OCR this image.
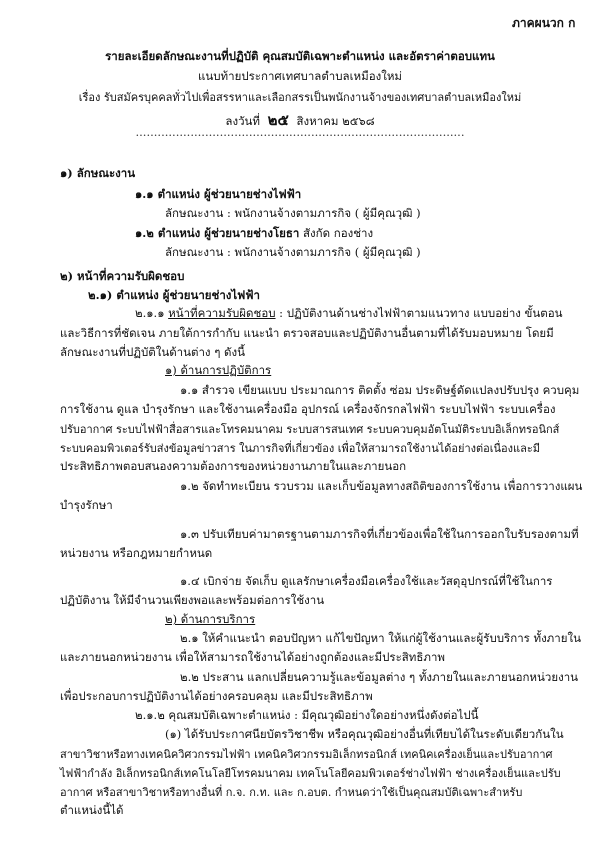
ภาคผนวก ก
รายละเอียดลักษณะงานที่ปฏิบัติ คุณสมบัติเฉพาะตำแหน่ง และอัตราค่าตอบแทน
แนบท้ายประกาศเทศบาลตำบลเหมืองใหม่
เรื่อง รับสมัครบุคคลทั่วไปเพื่อสรรหาและเลือกสรรเป็นพนักงานจ้างของเทศบาลตำบลเหมืองใหม่
ลงวันที่ ๒๕ สิงหาคม ๒๕๖๘
..........................................................................................
๑) ลักษณะงาน
๑.๑ ตำแหน่ง ผู้ช่วยนายช่างไฟฟ้า
ลักษณะงาน : พนักงานจ้างตามภารกิจ ( ผู้มีคุณวุฒิ )
๑.๒ ตำแหน่ง ผู้ช่วยนายช่างโยธา สังกัด กองช่าง
ลักษณะงาน : พนักงานจ้างตามภารกิจ ( ผู้มีคุณวุฒิ )
๒) หน้าที่ความรับผิดชอบ
๒.๑) ตำแหน่ง ผู้ช่วยนายช่างไฟฟ้า
๒.๑.๑ หน้าที่ความรับผิดชอบ : ปฏิบัติงานด้านช่างไฟฟ้าตามแนวทาง แบบอย่าง ขั้นตอน
และวิธีการที่ชัดเจน ภายใต้การกำกับ แนะนำ ตรวจสอบและปฏิบัติงานอื่นตามที่ได้รับมอบหมาย โดยมี
ลักษณะงานที่ปฏิบัติในด้านต่าง ๆ ดังนี้
๑) ด้านการปฏิบัติการ
๑.๑ สำรวจ เขียนแบบ ประมาณการ ติดตั้ง ซ่อม ประดิษฐ์ดัดแปลงปรับปรุง ควบคุม
การใช้งาน ดูแล บำรุงรักษา และใช้งานเครื่องมือ อุปกรณ์ เครื่องจักรกลไฟฟ้า ระบบไฟฟ้า ระบบเครื่อง
ปรับอากาศ ระบบไฟฟ้าสื่อสารและโทรคมนาคม ระบบสารสนเทศ ระบบควบคุมอัตโนมัติระบบอิเล็กทรอนิกส์
ระบบคอมพิวเตอร์รับส่งข้อมูลข่าวสาร ในภารกิจที่เกี่ยวข้อง เพื่อให้สามารถใช้งานได้อย่างต่อเนื่องและมี
ประสิทธิภาพตอบสนองความต้องการของหน่วยงานภายในและภายนอก
๑.๒ จัดทำทะเบียน รวบรวม และเก็บข้อมูลทางสถิติของการใช้งาน เพื่อการวางแผน
บำรุงรักษา
๑.๓ ปรับเทียบค่ามาตรฐานตามภารกิจที่เกี่ยวข้องเพื่อใช้ในการออกใบรับรองตามที่
หน่วยงาน หรือกฎหมายกำหนด
๑.๔ เบิกจ่าย จัดเก็บ ดูแลรักษาเครื่องมือเครื่องใช้และวัสดุอุปกรณ์ที่ใช้ในการ
ปฏิบัติงาน ให้มีจำนวนเพียงพอและพร้อมต่อการใช้งาน
๒) ด้านการบริการ
๒.๑ ให้คำแนะนำ ตอบปัญหา แก้ไขปัญหา ให้แก่ผู้ใช้งานและผู้รับบริการ ทั้งภายใน
และภายนอกหน่วยงาน เพื่อให้สามารถใช้งานได้อย่างถูกต้องและมีประสิทธิภาพ
๒.๒ ประสาน แลกเปลี่ยนความรู้และข้อมูลต่าง ๆ ทั้งภายในและภายนอกหน่วยงาน
เพื่อประกอบการปฏิบัติงานได้อย่างครอบคลุม และมีประสิทธิภาพ
๒.๑.๒ คุณสมบัติเฉพาะตำแหน่ง : มีคุณวุฒิอย่างใดอย่างหนึ่งดังต่อไปนี้
(๑) ได้รับประกาศนียบัตรวิชาชีพ หรือคุณวุฒิอย่างอื่นที่เทียบได้ในระดับเดียวกันใน
สาขาวิชาหรือทางเทคนิควิศวกรรมไฟฟ้า เทคนิควิศวกรรมอิเล็กทรอนิกส์ เทคนิคเครื่องเย็นและปรับอากาศ
ไฟฟ้ากำลัง อิเล็กทรอนิกส์เทคโนโลยีโทรคมนาคม เทคโนโลยีคอมพิวเตอร์ช่างไฟฟ้า ช่างเครื่องเย็นและปรับ
อากาศ หรือสาขาวิชาหรือทางอื่นที่ ก.จ. ก.ท. และ ก.อบต. กำหนดว่าใช้เป็นคุณสมบัติเฉพาะสำหรับ
ตำแหน่งนี้ได้
